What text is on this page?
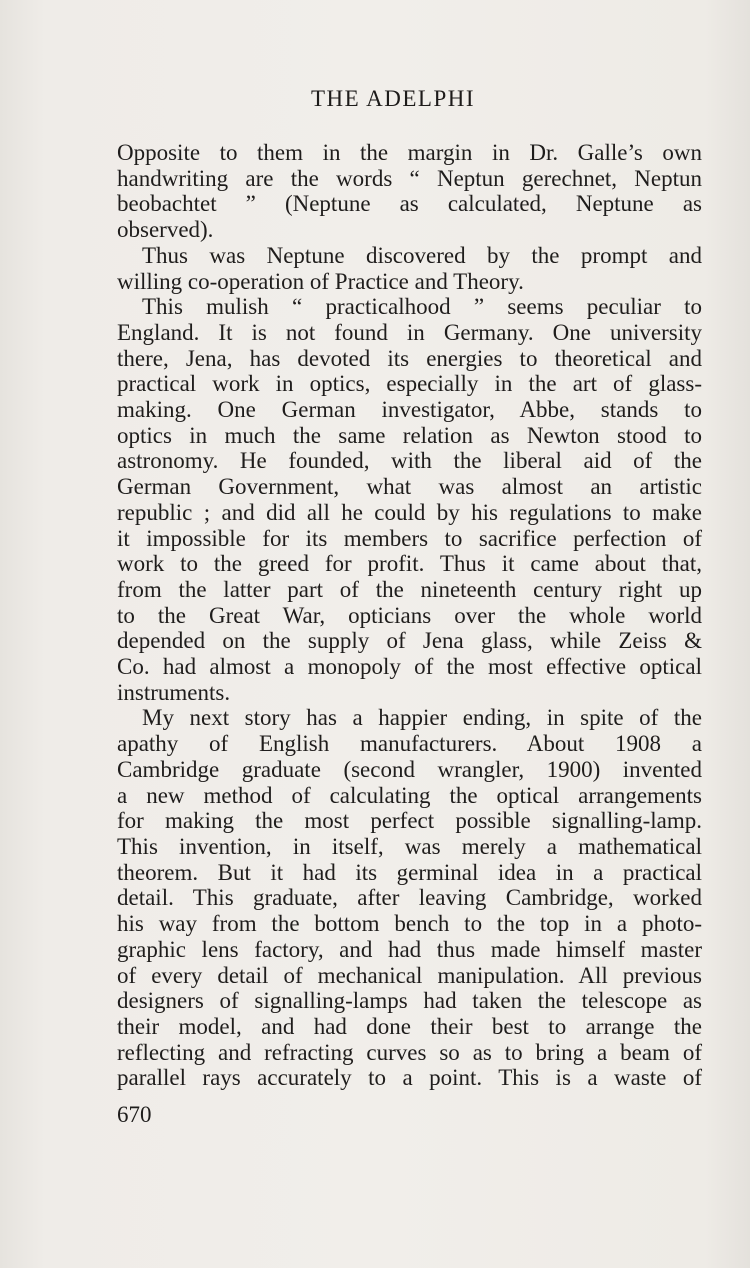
THE ADELPHI
Opposite to them in the margin in Dr. Galle’s own
handwriting are the words “ Neptun gerechnet, Neptun
beobachtet ” (Neptune as calculated, Neptune as
observed).
Thus was Neptune discovered by the prompt and
willing co-operation of Practice and Theory.
This mulish “ practicalhood ” seems peculiar to
England. It is not found in Germany. One university
there, Jena, has devoted its energies to theoretical and
practical work in optics, especially in the art of glass-
making. One German investigator, Abbe, stands to
optics in much the same relation as Newton stood to
astronomy. He founded, with the liberal aid of the
German Government, what was almost an artistic
republic ; and did all he could by his regulations to make
it impossible for its members to sacrifice perfection of
work to the greed for profit. Thus it came about that,
from the latter part of the nineteenth century right up
to the Great War, opticians over the whole world
depended on the supply of Jena glass, while Zeiss &
Co. had almost a monopoly of the most effective optical
instruments.
My next story has a happier ending, in spite of the
apathy of English manufacturers. About 1908 a
Cambridge graduate (second wrangler, 1900) invented
a new method of calculating the optical arrangements
for making the most perfect possible signalling-lamp.
This invention, in itself, was merely a mathematical
theorem. But it had its germinal idea in a practical
detail. This graduate, after leaving Cambridge, worked
his way from the bottom bench to the top in a photo-
graphic lens factory, and had thus made himself master
of every detail of mechanical manipulation. All previous
designers of signalling-lamps had taken the telescope as
their model, and had done their best to arrange the
reflecting and refracting curves so as to bring a beam of
parallel rays accurately to a point. This is a waste of
670
